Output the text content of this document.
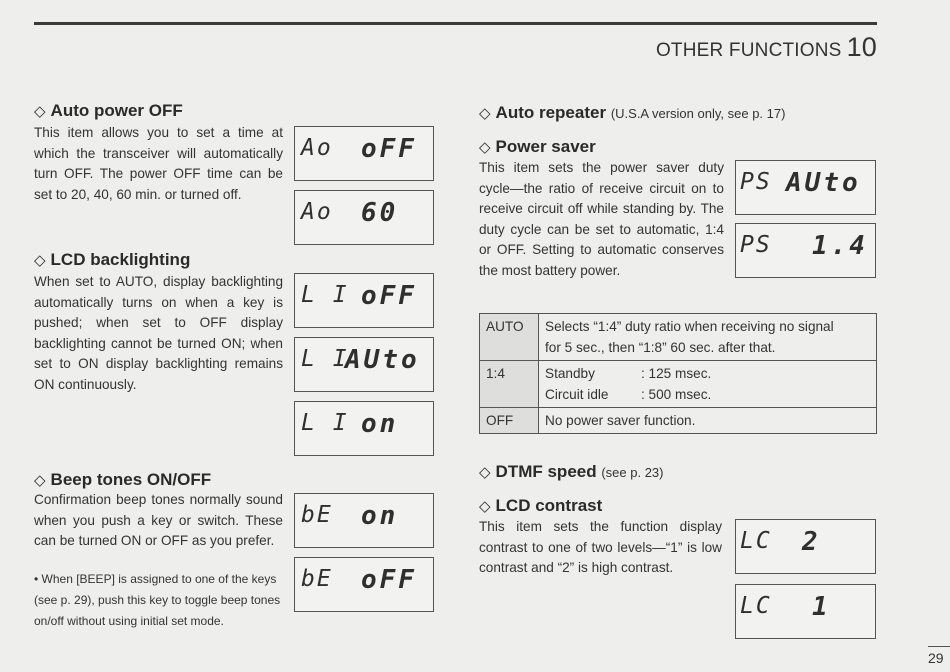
OTHER FUNCTIONS 10
◇ Auto power OFF
This item allows you to set a time at which the transceiver will automatically turn OFF. The power OFF time can be set to 20, 40, 60 min. or turned off.
Ao oFF
Ao 60
◇ LCD backlighting
When set to AUTO, display backlighting automatically turns on when a key is pushed; when set to OFF display backlighting cannot be turned ON; when set to ON display backlighting remains ON continuously.
L I oFF
L I
AUto
L I on
◇ Beep tones ON/OFF
Confirmation beep tones normally sound when you push a key or switch. These can be turned ON or OFF as you prefer.
• When [BEEP] is assigned to one of the keys (see p. 29), push this key to toggle beep tones on/off without using initial set mode.
bE on
bE oFF
◇ Auto repeater (U.S.A version only, see p. 17)
◇ Power saver
This item sets the power saver duty cycle—the ratio of receive circuit on to receive circuit off while standing by. The duty cycle can be set to automatic, 1:4 or OFF. Setting to automatic conserves the most battery power.
PS AUto
PS 1.4
AUTO	Selects “1:4” duty ratio when receiving no signal
for 5 sec., then “1:8” 60 sec. after that.

1:4	Standby : 125 msec.
Circuit idle : 500 msec.

OFF	No power saver function.
◇ DTMF speed (see p. 23)
◇ LCD contrast
This item sets the function display contrast to one of two levels—“1” is low contrast and “2” is high contrast.
LC 2
LC 1
29
